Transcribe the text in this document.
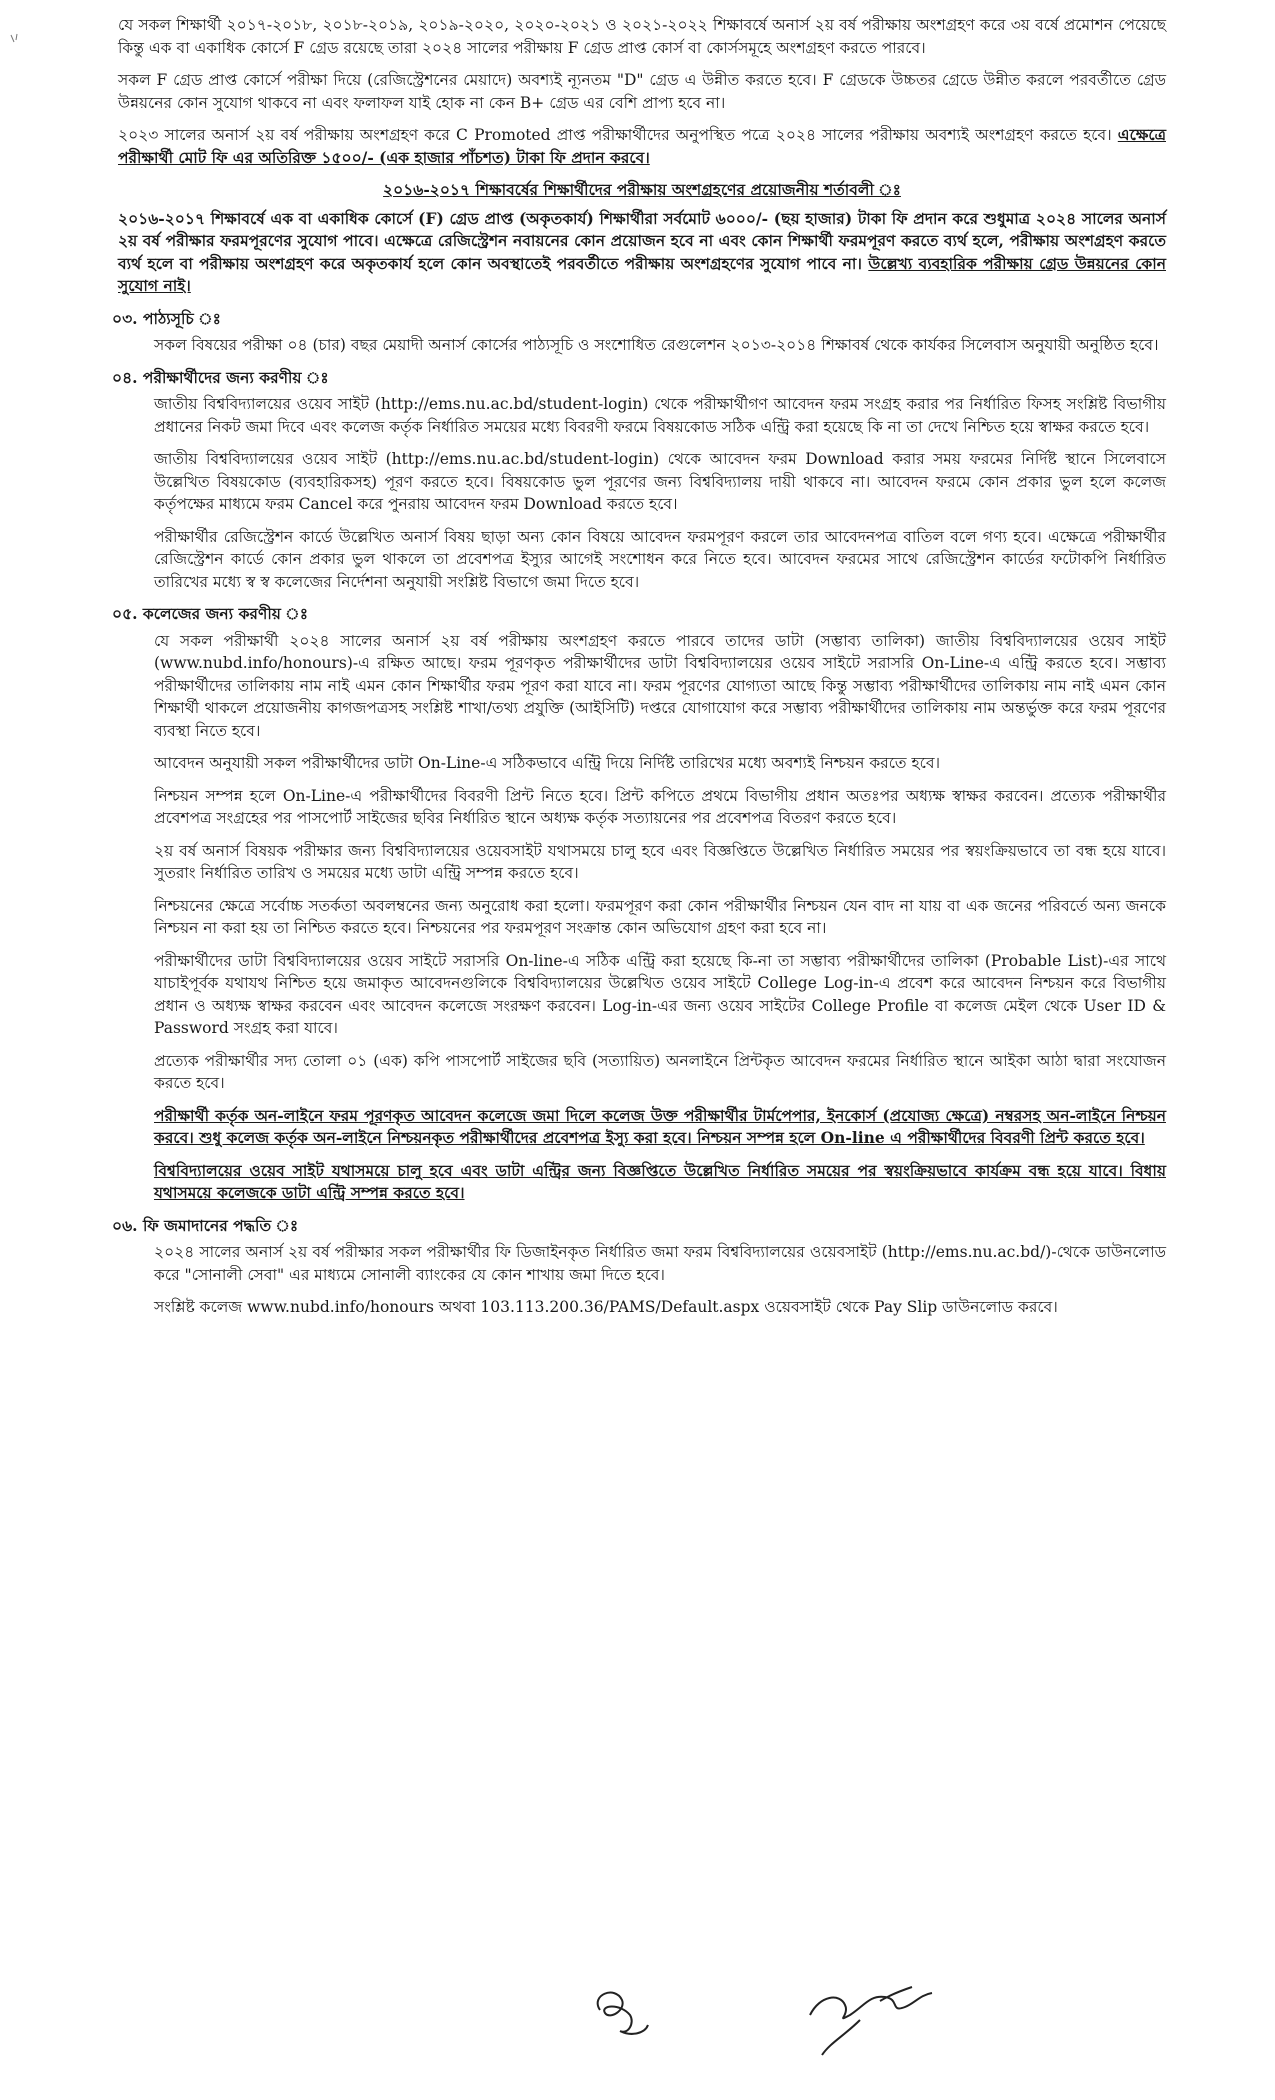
যে সকল শিক্ষার্থী ২০১৭-২০১৮, ২০১৮-২০১৯, ২০১৯-২০২০, ২০২০-২০২১ ও ২০২১-২০২২ শিক্ষাবর্ষে অনার্স ২য় বর্ষ পরীক্ষায় অংশগ্রহণ করে ৩য় বর্ষে প্রমোশন পেয়েছে কিন্তু এক বা একাধিক কোর্সে F গ্রেড রয়েছে তারা ২০২৪ সালের পরীক্ষায় F গ্রেড প্রাপ্ত কোর্স বা কোর্সসমূহে অংশগ্রহণ করতে পারবে।

সকল F গ্রেড প্রাপ্ত কোর্সে পরীক্ষা দিয়ে (রেজিস্ট্রেশনের মেয়াদে) অবশ্যই ন্যূনতম "D" গ্রেড এ উন্নীত করতে হবে। F গ্রেডকে উচ্চতর গ্রেডে উন্নীত করলে পরবর্তীতে গ্রেড উন্নয়নের কোন সুযোগ থাকবে না এবং ফলাফল যাই হোক না কেন B+ গ্রেড এর বেশি প্রাপ্য হবে না।

২০২৩ সালের অনার্স ২য় বর্ষ পরীক্ষায় অংশগ্রহণ করে C Promoted প্রাপ্ত পরীক্ষার্থীদের অনুপস্থিত পত্রে ২০২৪ সালের পরীক্ষায় অবশ্যই অংশগ্রহণ করতে হবে। এক্ষেত্রে পরীক্ষার্থী মোট ফি এর অতিরিক্ত ১৫০০/- (এক হাজার পাঁচশত) টাকা ফি প্রদান করবে।

২০১৬-২০১৭ শিক্ষাবর্ষের শিক্ষার্থীদের পরীক্ষায় অংশগ্রহণের প্রয়োজনীয় শর্তাবলী ঃ

২০১৬-২০১৭ শিক্ষাবর্ষে এক বা একাধিক কোর্সে (F) গ্রেড প্রাপ্ত (অকৃতকার্য) শিক্ষার্থীরা সর্বমোট ৬০০০/- (ছয় হাজার) টাকা ফি প্রদান করে শুধুমাত্র ২০২৪ সালের অনার্স ২য় বর্ষ পরীক্ষার ফরমপূরণের সুযোগ পাবে। এক্ষেত্রে রেজিস্ট্রেশন নবায়নের কোন প্রয়োজন হবে না এবং কোন শিক্ষার্থী ফরমপূরণ করতে ব্যর্থ হলে, পরীক্ষায় অংশগ্রহণ করতে ব্যর্থ হলে বা পরীক্ষায় অংশগ্রহণ করে অকৃতকার্য হলে কোন অবস্থাতেই পরবর্তীতে পরীক্ষায় অংশগ্রহণের সুযোগ পাবে না। উল্লেখ্য ব্যবহারিক পরীক্ষায় গ্রেড উন্নয়নের কোন সুযোগ নাই।

০৩. পাঠ্যসূচি ঃ

সকল বিষয়ের পরীক্ষা ০৪ (চার) বছর মেয়াদী অনার্স কোর্সের পাঠ্যসূচি ও সংশোধিত রেগুলেশন ২০১৩-২০১৪ শিক্ষাবর্ষ থেকে কার্যকর সিলেবাস অনুযায়ী অনুষ্ঠিত হবে।

০৪. পরীক্ষার্থীদের জন্য করণীয় ঃ

জাতীয় বিশ্ববিদ্যালয়ের ওয়েব সাইট (http://ems.nu.ac.bd/student-login) থেকে পরীক্ষার্থীগণ আবেদন ফরম সংগ্রহ করার পর নির্ধারিত ফিসহ সংশ্লিষ্ট বিভাগীয় প্রধানের নিকট জমা দিবে এবং কলেজ কর্তৃক নির্ধারিত সময়ের মধ্যে বিবরণী ফরমে বিষয়কোড সঠিক এন্ট্রি করা হয়েছে কি না তা দেখে নিশ্চিত হয়ে স্বাক্ষর করতে হবে।

জাতীয় বিশ্ববিদ্যালয়ের ওয়েব সাইট (http://ems.nu.ac.bd/student-login) থেকে আবেদন ফরম Download করার সময় ফরমের নির্দিষ্ট স্থানে সিলেবাসে উল্লেখিত বিষয়কোড (ব্যবহারিকসহ) পূরণ করতে হবে। বিষয়কোড ভুল পূরণের জন্য বিশ্ববিদ্যালয় দায়ী থাকবে না। আবেদন ফরমে কোন প্রকার ভুল হলে কলেজ কর্তৃপক্ষের মাধ্যমে ফরম Cancel করে পুনরায় আবেদন ফরম Download করতে হবে।

পরীক্ষার্থীর রেজিস্ট্রেশন কার্ডে উল্লেখিত অনার্স বিষয় ছাড়া অন্য কোন বিষয়ে আবেদন ফরমপূরণ করলে তার আবেদনপত্র বাতিল বলে গণ্য হবে। এক্ষেত্রে পরীক্ষার্থীর রেজিস্ট্রেশন কার্ডে কোন প্রকার ভুল থাকলে তা প্রবেশপত্র ইস্যুর আগেই সংশোধন করে নিতে হবে। আবেদন ফরমের সাথে রেজিস্ট্রেশন কার্ডের ফটোকপি নির্ধারিত তারিখের মধ্যে স্ব স্ব কলেজের নির্দেশনা অনুযায়ী সংশ্লিষ্ট বিভাগে জমা দিতে হবে।

০৫. কলেজের জন্য করণীয় ঃ

যে সকল পরীক্ষার্থী ২০২৪ সালের অনার্স ২য় বর্ষ পরীক্ষায় অংশগ্রহণ করতে পারবে তাদের ডাটা (সম্ভাব্য তালিকা) জাতীয় বিশ্ববিদ্যালয়ের ওয়েব সাইট (www.nubd.info/honours)-এ রক্ষিত আছে। ফরম পূরণকৃত পরীক্ষার্থীদের ডাটা বিশ্ববিদ্যালয়ের ওয়েব সাইটে সরাসরি On-Line-এ এন্ট্রি করতে হবে। সম্ভাব্য পরীক্ষার্থীদের তালিকায় নাম নাই এমন কোন শিক্ষার্থীর ফরম পূরণ করা যাবে না। ফরম পূরণের যোগ্যতা আছে কিন্তু সম্ভাব্য পরীক্ষার্থীদের তালিকায় নাম নাই এমন কোন শিক্ষার্থী থাকলে প্রয়োজনীয় কাগজপত্রসহ সংশ্লিষ্ট শাখা/তথ্য প্রযুক্তি (আইসিটি) দপ্তরে যোগাযোগ করে সম্ভাব্য পরীক্ষার্থীদের তালিকায় নাম অন্তর্ভুক্ত করে ফরম পূরণের ব্যবস্থা নিতে হবে।

আবেদন অনুযায়ী সকল পরীক্ষার্থীদের ডাটা On-Line-এ সঠিকভাবে এন্ট্রি দিয়ে নির্দিষ্ট তারিখের মধ্যে অবশ্যই নিশ্চয়ন করতে হবে।

নিশ্চয়ন সম্পন্ন হলে On-Line-এ পরীক্ষার্থীদের বিবরণী প্রিন্ট নিতে হবে। প্রিন্ট কপিতে প্রথমে বিভাগীয় প্রধান অতঃপর অধ্যক্ষ স্বাক্ষর করবেন। প্রত্যেক পরীক্ষার্থীর প্রবেশপত্র সংগ্রহের পর পাসপোর্ট সাইজের ছবির নির্ধারিত স্থানে অধ্যক্ষ কর্তৃক সত্যায়নের পর প্রবেশপত্র বিতরণ করতে হবে।

২য় বর্ষ অনার্স বিষয়ক পরীক্ষার জন্য বিশ্ববিদ্যালয়ের ওয়েবসাইট যথাসময়ে চালু হবে এবং বিজ্ঞপ্তিতে উল্লেখিত নির্ধারিত সময়ের পর স্বয়ংক্রিয়ভাবে তা বন্ধ হয়ে যাবে। সুতরাং নির্ধারিত তারিখ ও সময়ের মধ্যে ডাটা এন্ট্রি সম্পন্ন করতে হবে।

নিশ্চয়নের ক্ষেত্রে সর্বোচ্চ সতর্কতা অবলম্বনের জন্য অনুরোধ করা হলো। ফরমপূরণ করা কোন পরীক্ষার্থীর নিশ্চয়ন যেন বাদ না যায় বা এক জনের পরিবর্তে অন্য জনকে নিশ্চয়ন না করা হয় তা নিশ্চিত করতে হবে। নিশ্চয়নের পর ফরমপূরণ সংক্রান্ত কোন অভিযোগ গ্রহণ করা হবে না।

পরীক্ষার্থীদের ডাটা বিশ্ববিদ্যালয়ের ওয়েব সাইটে সরাসরি On-line-এ সঠিক এন্ট্রি করা হয়েছে কি-না তা সম্ভাব্য পরীক্ষার্থীদের তালিকা (Probable List)-এর সাথে যাচাইপূর্বক যথাযথ নিশ্চিত হয়ে জমাকৃত আবেদনগুলিকে বিশ্ববিদ্যালয়ের উল্লেখিত ওয়েব সাইটে College Log-in-এ প্রবেশ করে আবেদন নিশ্চয়ন করে বিভাগীয় প্রধান ও অধ্যক্ষ স্বাক্ষর করবেন এবং আবেদন কলেজে সংরক্ষণ করবেন। Log-in-এর জন্য ওয়েব সাইটের College Profile বা কলেজ মেইল থেকে User ID & Password সংগ্রহ করা যাবে।

প্রত্যেক পরীক্ষার্থীর সদ্য তোলা ০১ (এক) কপি পাসপোর্ট সাইজের ছবি (সত্যায়িত) অনলাইনে প্রিন্টকৃত আবেদন ফরমের নির্ধারিত স্থানে আইকা আঠা দ্বারা সংযোজন করতে হবে।

পরীক্ষার্থী কর্তৃক অন-লাইনে ফরম পূরণকৃত আবেদন কলেজে জমা দিলে কলেজ উক্ত পরীক্ষার্থীর টার্মপেপার, ইনকোর্স (প্রযোজ্য ক্ষেত্রে) নম্বরসহ অন-লাইনে নিশ্চয়ন করবে। শুধু কলেজ কর্তৃক অন-লাইনে নিশ্চয়নকৃত পরীক্ষার্থীদের প্রবেশপত্র ইস্যু করা হবে। নিশ্চয়ন সম্পন্ন হলে On-line এ পরীক্ষার্থীদের বিবরণী প্রিন্ট করতে হবে।

বিশ্ববিদ্যালয়ের ওয়েব সাইট যথাসময়ে চালু হবে এবং ডাটা এন্ট্রির জন্য বিজ্ঞপ্তিতে উল্লেখিত নির্ধারিত সময়ের পর স্বয়ংক্রিয়ভাবে কার্যক্রম বন্ধ হয়ে যাবে। বিধায় যথাসময়ে কলেজকে ডাটা এন্ট্রি সম্পন্ন করতে হবে।

০৬. ফি জমাদানের পদ্ধতি ঃ

২০২৪ সালের অনার্স ২য় বর্ষ পরীক্ষার সকল পরীক্ষার্থীর ফি ডিজাইনকৃত নির্ধারিত জমা ফরম বিশ্ববিদ্যালয়ের ওয়েবসাইট (http://ems.nu.ac.bd/)-থেকে ডাউনলোড করে "সোনালী সেবা" এর মাধ্যমে সোনালী ব্যাংকের যে কোন শাখায় জমা দিতে হবে।

সংশ্লিষ্ট কলেজ www.nubd.info/honours অথবা 103.113.200.36/PAMS/Default.aspx ওয়েবসাইট থেকে Pay Slip ডাউনলোড করবে।
